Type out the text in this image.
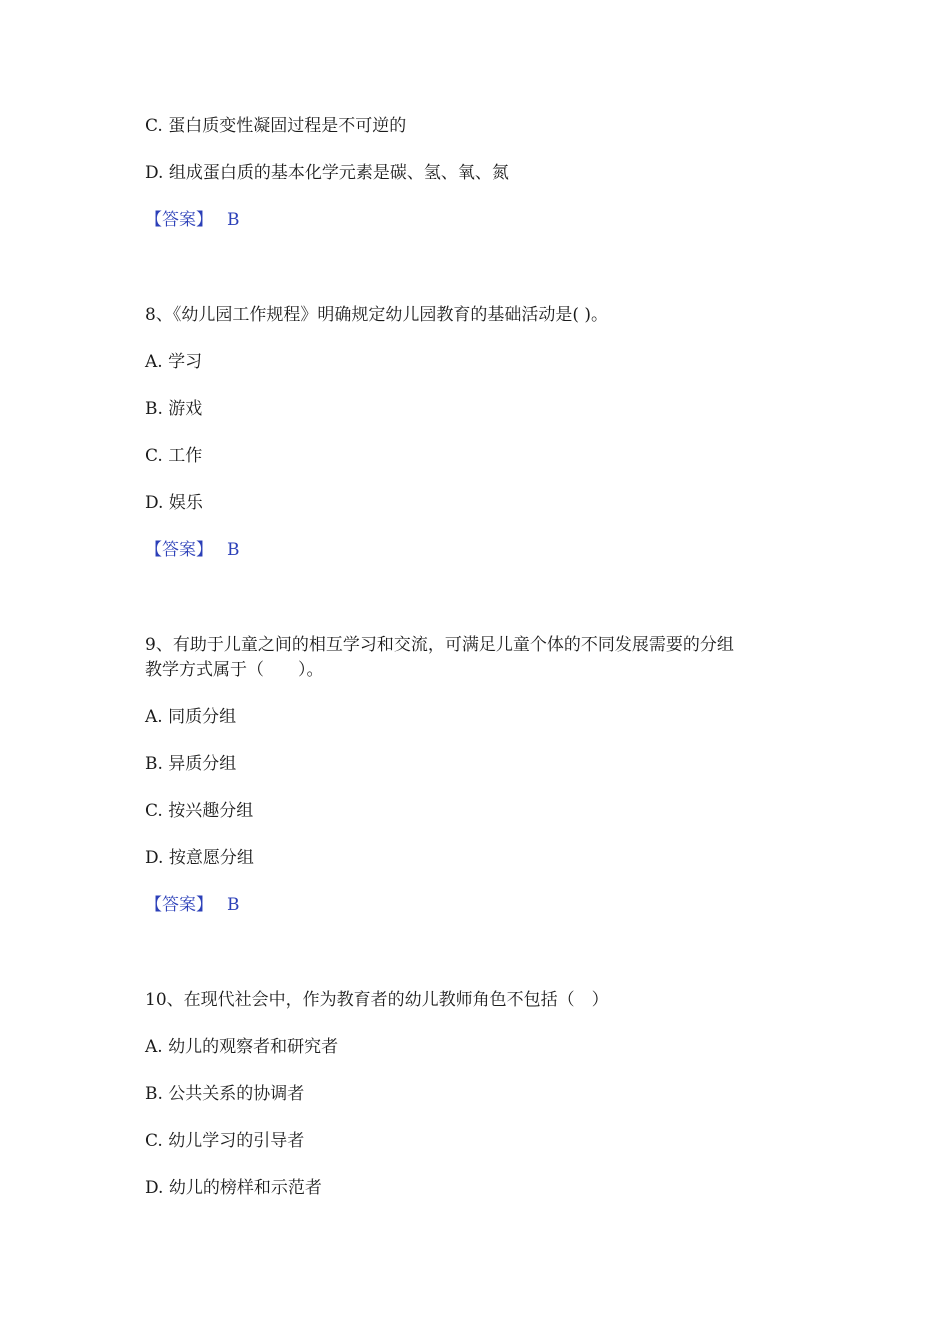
C. 蛋白质变性凝固过程是不可逆的
D. 组成蛋白质的基本化学元素是碳、氢、氧、氮
【答案】 B
8、《幼儿园工作规程》明确规定幼儿园教育的基础活动是( )。
A. 学习
B. 游戏
C. 工作
D. 娱乐
【答案】 B
9、有助于儿童之间的相互学习和交流，可满足儿童个体的不同发展需要的分组
教学方式属于（　　）。
A. 同质分组
B. 异质分组
C. 按兴趣分组
D. 按意愿分组
【答案】 B
10、在现代社会中，作为教育者的幼儿教师角色不包括（　）
A. 幼儿的观察者和研究者
B. 公共关系的协调者
C. 幼儿学习的引导者
D. 幼儿的榜样和示范者
